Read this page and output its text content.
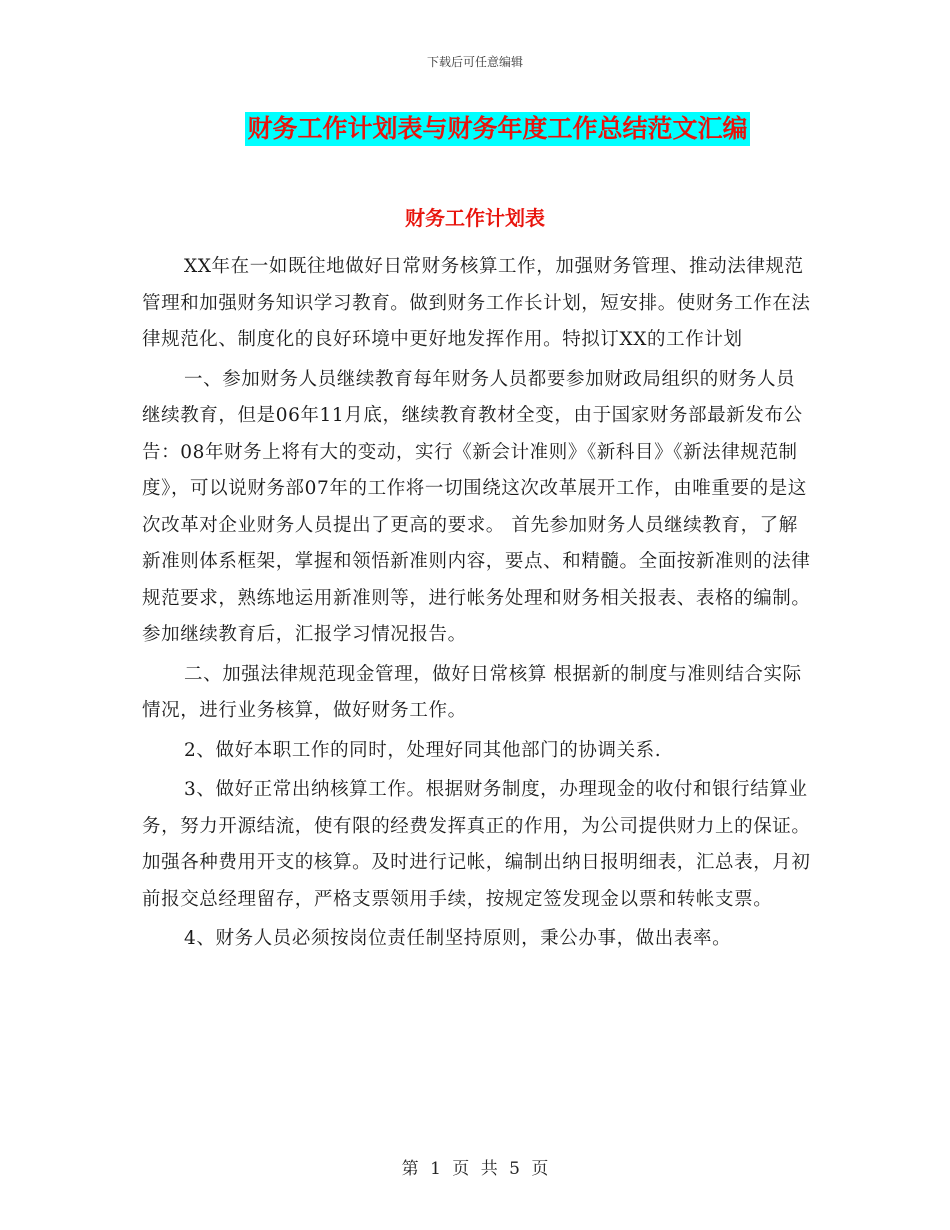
下载后可任意编辑
财务工作计划表与财务年度工作总结范文汇编
财务工作计划表

XX年在一如既往地做好日常财务核算工作，加强财务管理、推动法律规范管理和加强财务知识学习教育。做到财务工作长计划，短安排。使财务工作在法律规范化、制度化的良好环境中更好地发挥作用。特拟订XX的工作计划

一、参加财务人员继续教育每年财务人员都要参加财政局组织的财务人员继续教育，但是06年11月底，继续教育教材全变，由于国家财务部最新发布公告：08年财务上将有大的变动，实行《新会计准则》《新科目》《新法律规范制度》，可以说财务部07年的工作将一切围绕这次改革展开工作，由唯重要的是这次改革对企业财务人员提出了更高的要求。 首先参加财务人员继续教育，了解新准则体系框架，掌握和领悟新准则内容，要点、和精髓。全面按新准则的法律规范要求，熟练地运用新准则等，进行帐务处理和财务相关报表、表格的编制。 参加继续教育后，汇报学习情况报告。

二、加强法律规范现金管理，做好日常核算 根据新的制度与准则结合实际情况，进行业务核算，做好财务工作。

2、做好本职工作的同时，处理好同其他部门的协调关系.

3、做好正常出纳核算工作。根据财务制度，办理现金的收付和银行结算业务，努力开源结流，使有限的经费发挥真正的作用，为公司提供财力上的保证。加强各种费用开支的核算。及时进行记帐，编制出纳日报明细表，汇总表，月初前报交总经理留存，严格支票领用手续，按规定签发现金以票和转帐支票。

4、财务人员必须按岗位责任制坚持原则，秉公办事，做出表率。

第 1 页 共 5 页
